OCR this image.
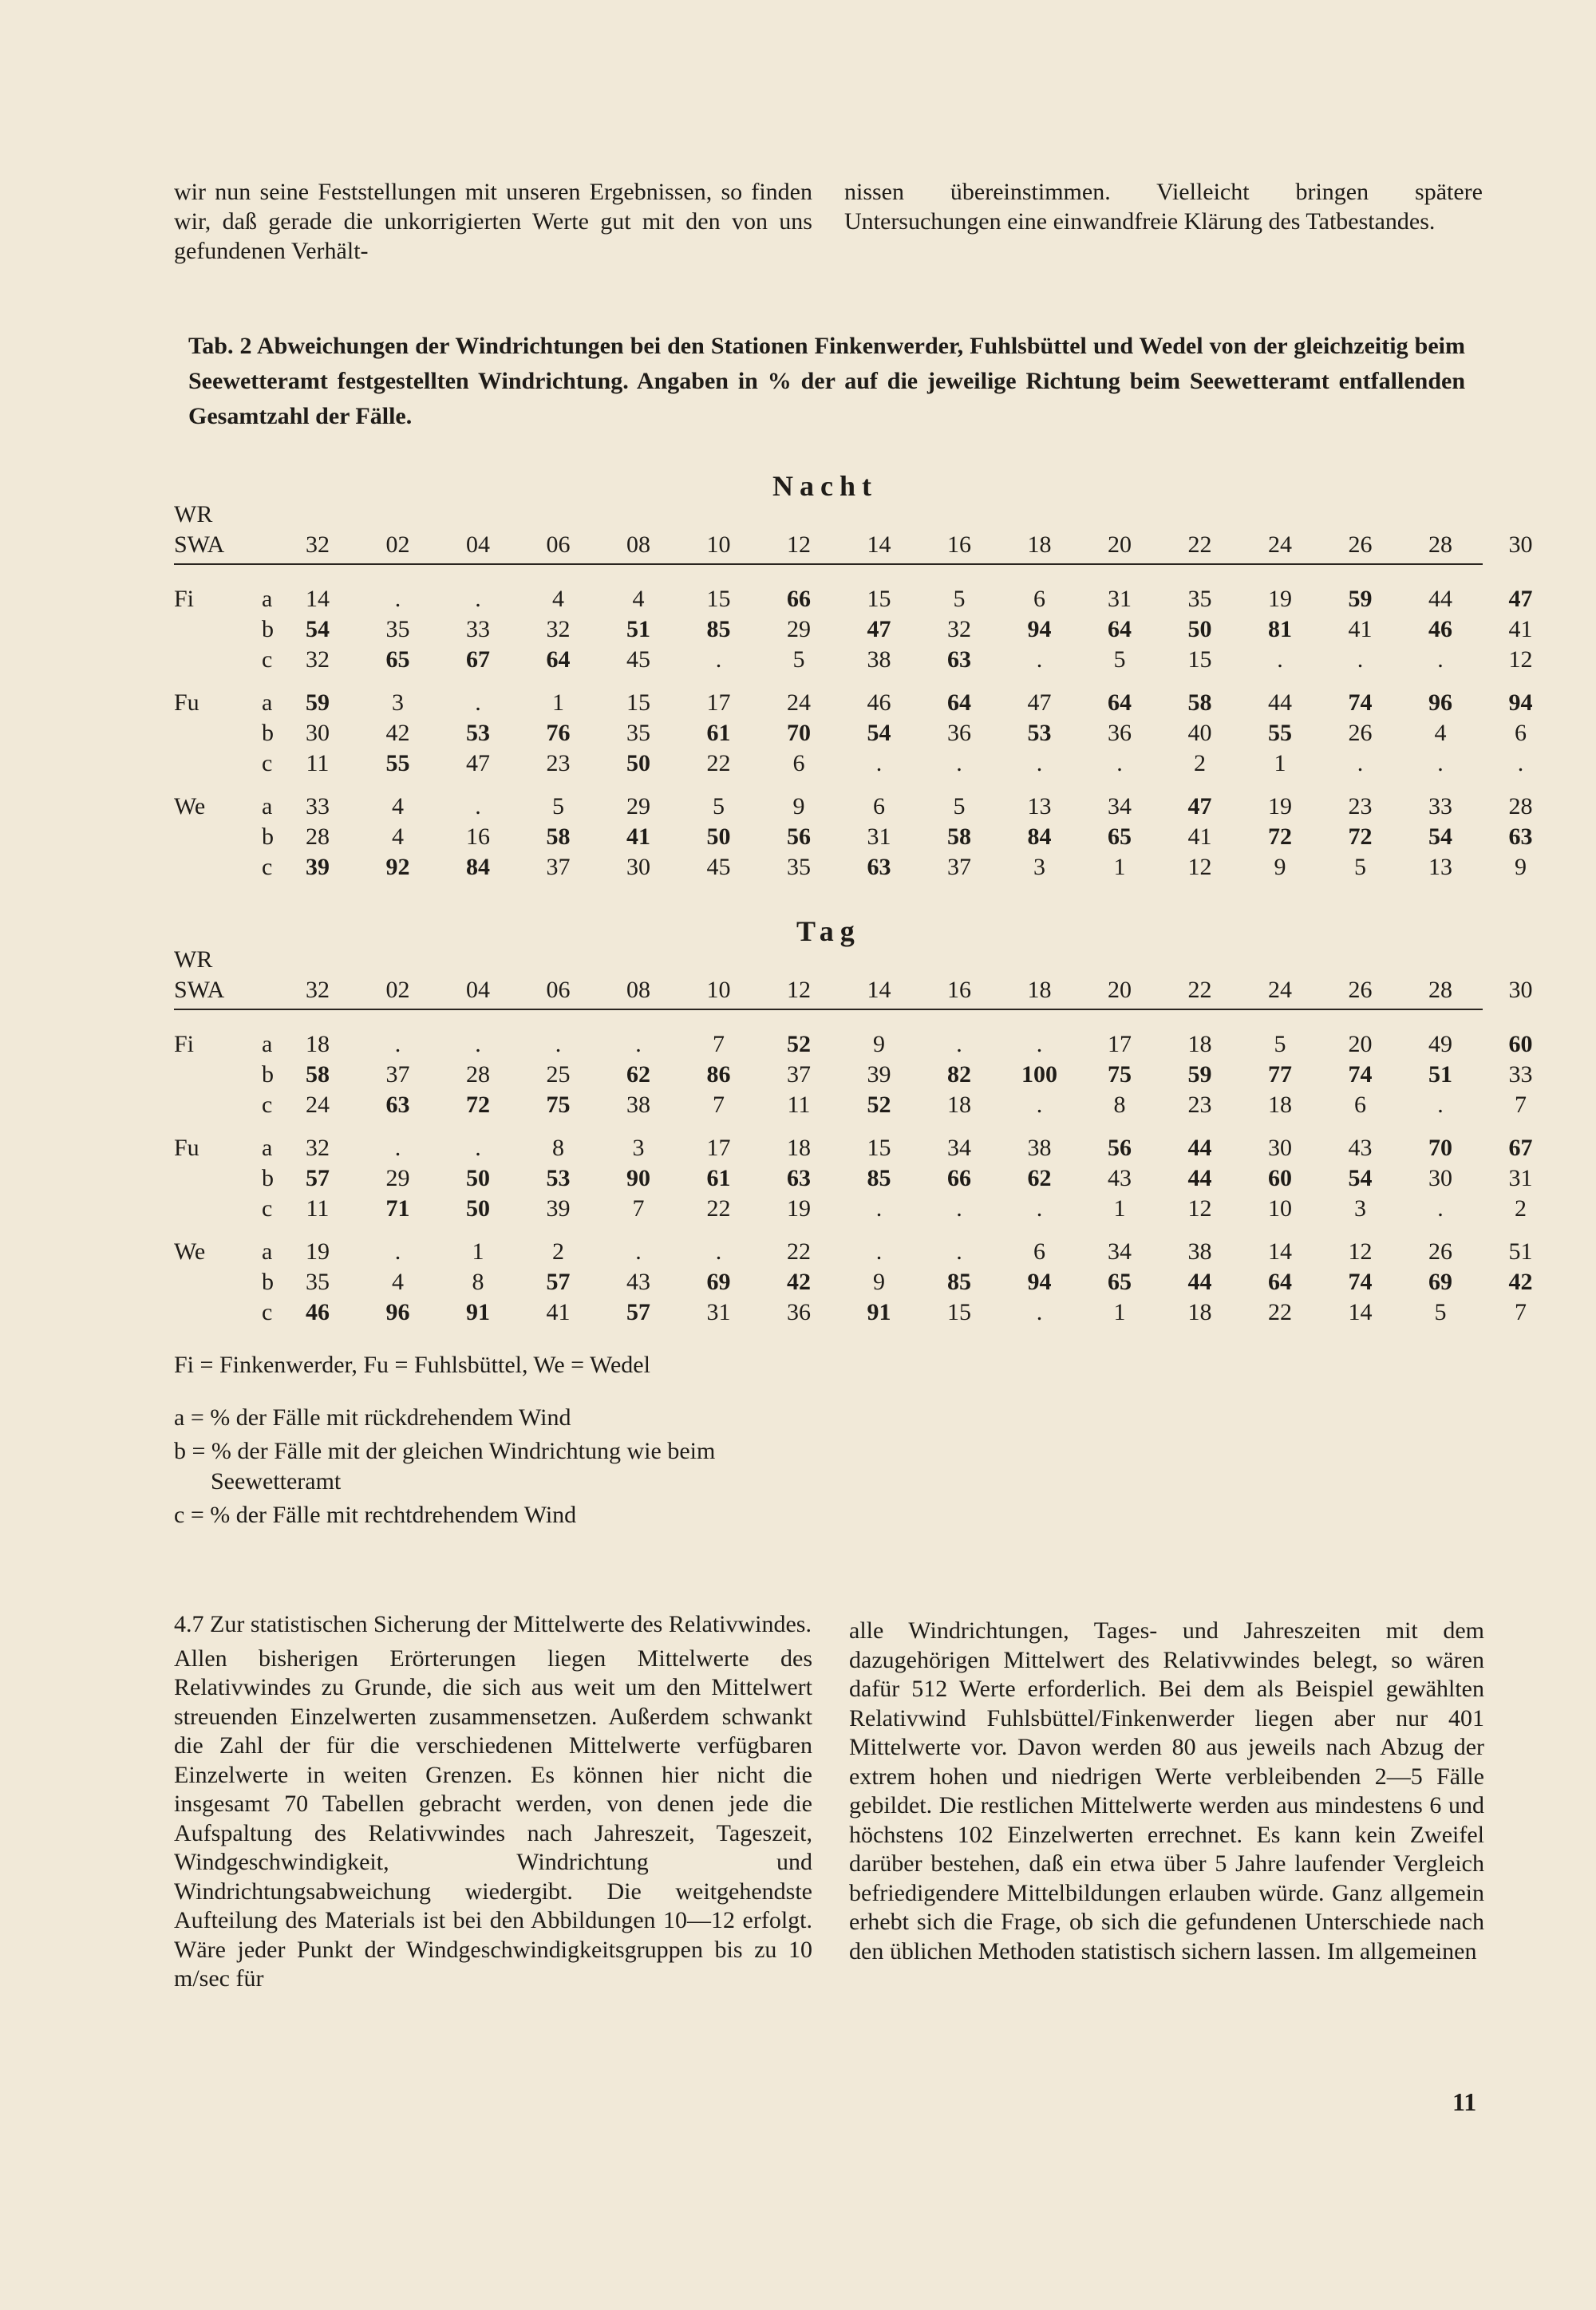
wir nun seine Feststellungen mit unseren Ergebnissen, so finden wir, daß gerade die unkorrigierten Werte gut mit den von uns gefundenen Verhält-

nissen übereinstimmen. Vielleicht bringen spätere Untersuchungen eine einwandfreie Klärung des Tatbestandes.

Tab. 2 Abweichungen der Windrichtungen bei den Stationen Finkenwerder, Fuhlsbüttel und Wedel von der gleichzeitig beim Seewetteramt festgestellten Windrichtung. Angaben in % der auf die jeweilige Richtung beim Seewetteramt entfallenden Gesamtzahl der Fälle.
Nacht
WR
SWA	32	02	04	06	08	10	12	14	16	18	20	22	24	26	28	30
Fi	a	14	.	.	4	4	15	66	15	5	6	31	35	19	59	44	47
b	54	35	33	32	51	85	29	47	32	94	64	50	81	41	46	41
c	32	65	67	64	45	.	5	38	63	.	5	15	.	.	.	12
Fu	a	59	3	.	1	15	17	24	46	64	47	64	58	44	74	96	94
b	30	42	53	76	35	61	70	54	36	53	36	40	55	26	4	6
c	11	55	47	23	50	22	6	.	.	.	.	2	1	.	.	.
We a	33	4	.	5	29	5	9	6	5	13	34	47	19	23	33	28
b	28	4	16	58	41	50	56	31	58	84	65	41	72	72	54	63
c	39	92	84	37	30	45	35	63	37	3	1	12	9	5	13	9
Tag
WR
SWA	32	02	04	06	08	10	12	14	16	18	20	22	24	26	28	30
Fi	a	18	.	.	.	.	7	52	9	.	.	17	18	5	20	49	60
b	58	37	28	25	62	86	37	39	82	100	75	59	77	74	51	33
c	24	63	72	75	38	7	11	52	18	.	8	23	18	6	.	7
Fu	a	32	.	.	8	3	17	18	15	34	38	56	44	30	43	70	67
b	57	29	50	53	90	61	63	85	66	62	43	44	60	54	30	31
c	11	71	50	39	7	22	19	.	.	.	1	12	10	3	.	2
We a	19	.	1	2	.	.	22	.	.	6	34	38	14	12	26	51
b	35	4	8	57	43	69	42	9	85	94	65	44	64	74	69	42
c	46	96	91	41	57	31	36	91	15	.	1	18	22	14	5	7

Fi = Finkenwerder, Fu = Fuhlsbüttel, We = Wedel

a = % der Fälle mit rückdrehendem Wind

b = % der Fälle mit der gleichen Windrichtung wie beim Seewetteramt

c = % der Fälle mit rechtdrehendem Wind

4.7 Zur statistischen Sicherung der Mittelwerte des Relativwindes.

Allen bisherigen Erörterungen liegen Mittelwerte des Relativwindes zu Grunde, die sich aus weit um den Mittelwert streuenden Einzelwerten zusammensetzen. Außerdem schwankt die Zahl der für die verschiedenen Mittelwerte verfügbaren Einzelwerte in weiten Grenzen. Es können hier nicht die insgesamt 70 Tabellen gebracht werden, von denen jede die Aufspaltung des Relativwindes nach Jahreszeit, Tageszeit, Windgeschwindigkeit, Windrichtung und Windrichtungsabweichung wiedergibt. Die weitgehendste Aufteilung des Materials ist bei den Abbildungen 10—12 erfolgt. Wäre jeder Punkt der Windgeschwindigkeitsgruppen bis zu 10 m/sec für

alle Windrichtungen, Tages- und Jahreszeiten mit dem dazugehörigen Mittelwert des Relativwindes belegt, so wären dafür 512 Werte erforderlich. Bei dem als Beispiel gewählten Relativwind Fuhlsbüttel/Finkenwerder liegen aber nur 401 Mittelwerte vor. Davon werden 80 aus jeweils nach Abzug der extrem hohen und niedrigen Werte verbleibenden 2—5 Fälle gebildet. Die restlichen Mittelwerte werden aus mindestens 6 und höchstens 102 Einzelwerten errechnet. Es kann kein Zweifel darüber bestehen, daß ein etwa über 5 Jahre laufender Vergleich befriedigendere Mittelbildungen erlauben würde. Ganz allgemein erhebt sich die Frage, ob sich die gefundenen Unterschiede nach den üblichen Methoden statistisch sichern lassen. Im allgemeinen

11
